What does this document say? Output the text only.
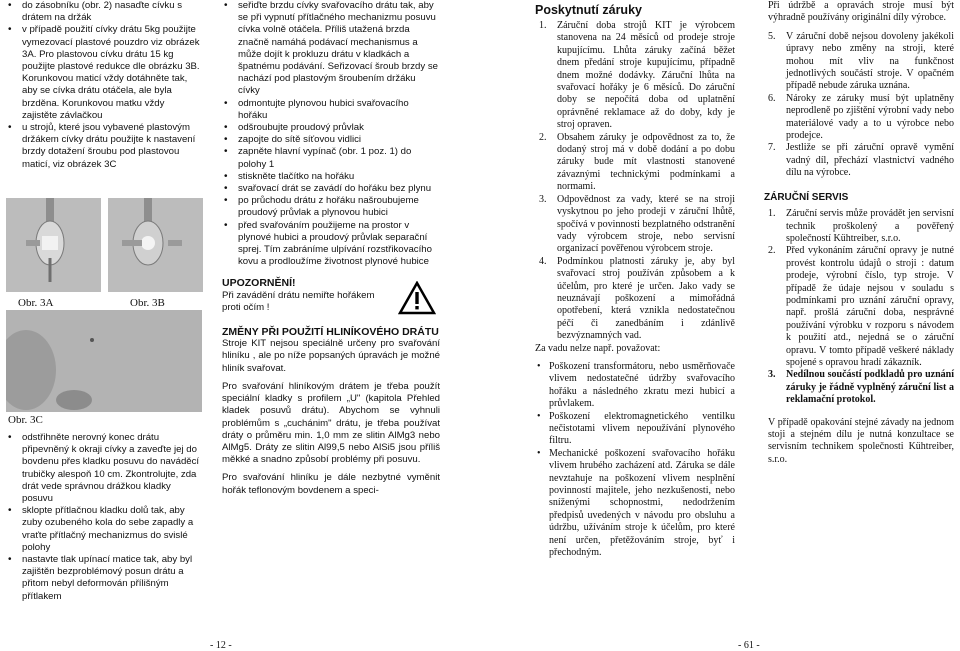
• do zásobníku (obr. 2) nasaďte cívku s drátem na držák
• v případě použití cívky drátu 5kg použijte vymezovací plastové pouzdro viz obrázek 3A. Pro plastovou cívku drátu 15 kg použijte plastové redukce dle obrázku 3B. Korunkovou maticí vždy dotáhněte tak, aby se cívka drátu otáčela, ale byla brzděna. Korunkovou matku vždy zajistěte závlačkou
• u strojů, které jsou vybavené plastovým držákem cívky drátu použijte k nastavení brzdy dotažení šroubu pod plastovou maticí, viz obrázek 3C
Obr. 3A	Obr. 3B
Obr. 3C
• odstřihněte nerovný konec drátu připevněný k okraji cívky a zaveďte jej do bovdenu přes kladku posuvu do naváděcí trubičky alespoň 10 cm. Zkontrolujte, zda drát vede správnou drážkou kladky posuvu
• sklopte přítlačnou kladku dolů tak, aby zuby ozubeného kola do sebe zapadly a vraťte přítlačný mechanizmus do svislé polohy
• nastavte tlak upínací matice tak, aby byl zajištěn bezproblémový posun drátu a přitom nebyl deformován přílišným přítlakem
• seřiďte brzdu cívky svařovacího drátu tak, aby se při vypnutí přítlačného mechanizmu posuvu cívka volně otáčela. Příliš utažená brzda značně namáhá podávací mechanismus a může dojít k prokluzu drátu v kladkách a špatnému podávání. Seřizovací šroub brzdy se nachází pod plastovým šroubením držáku cívky
• odmontujte plynovou hubici svařovacího hořáku
• odšroubujte proudový průvlak
• zapojte do sítě síťovou vidlici
• zapněte hlavní vypínač (obr. 1 poz. 1) do polohy 1
• stiskněte tlačítko na hořáku
• svařovací drát se zavádí do hořáku bez plynu
• po průchodu drátu z hořáku našroubujeme proudový průvlak a plynovou hubici
• před svařováním použijeme na prostor v plynové hubici a proudový průvlak separační sprej. Tím zabráníme ulpívání rozstřikovacího kovu a prodloužíme životnost plynové hubice

UPOZORNĚNÍ!

Při zavádění drátu nemiřte hořákem proti očím !

ZMĚNY PŘI POUŽITÍ HLINÍKOVÉHO DRÁTU

Stroje KIT nejsou speciálně určeny pro svařování hliníku , ale po níže popsaných úpravách je možné hliník svařovat.

Pro svařování hliníkovým drátem je třeba použít speciální kladky s profilem „U" (kapitola Přehled kladek posuvů drátu). Abychom se vyhnuli problémům s „cuchánim" drátu, je třeba používat dráty o průměru min. 1,0 mm ze slitin AlMg3 nebo AlMg5. Dráty ze slitin Al99,5 nebo AlSi5 jsou příliš měkké a snadno způsobí problémy při posuvu.

Pro svařování hliníku je dále nezbytné vyměnit hořák teflonovým bovdenem a speci-

- 12 -

Poskytnutí záruky

1. Záruční doba strojů KIT je výrobcem stanovena na 24 měsíců od prodeje stroje kupujícímu. Lhůta záruky začíná běžet dnem předání stroje kupujícímu, případně dnem možné dodávky. Záruční lhůta na svařovací hořáky je 6 měsíců. Do záruční doby se nepočítá doba od uplatnění oprávněné reklamace až do doby, kdy je stroj opraven.
2. Obsahem záruky je odpovědnost za to, že dodaný stroj má v době dodání a po dobu záruky bude mít vlastnosti stanovené závaznými technickými podmínkami a normami.
3. Odpovědnost za vady, které se na stroji vyskytnou po jeho prodeji v záruční lhůtě, spočívá v povinnosti bezplatného odstranění vady výrobcem stroje, nebo servisní organizací pověřenou výrobcem stroje.
4. Podmínkou platnosti záruky je, aby byl svařovací stroj používán způsobem a k účelům, pro které je určen. Jako vady se neuznávají poškození a mimořádná opotřebení, která vznikla nedostatečnou péčí či zanedbáním i zdánlivě bezvýznamných vad.

Za vadu nelze např. považovat:

• Poškození transformátoru, nebo usměrňovače vlivem nedostatečné údržby svařovacího hořáku a následného zkratu mezi hubicí a průvlakem.
• Poškození elektromagnetického ventilku nečistotami vlivem nepoužívání plynového filtru.
• Mechanické poškození svařovacího hořáku vlivem hrubého zacházení atd. Záruka se dále nevztahuje na poškození vlivem nesplnění povinností majitele, jeho nezkušenosti, nebo sníženými schopnostmi, nedodržením předpisů uvedených v návodu pro obsluhu a údržbu, užíváním stroje k účelům, pro které není určen, přetěžováním stroje, byť i přechodným.

Při údržbě a opravách stroje musí být výhradně používány originální díly výrobce.

5. V záruční době nejsou dovoleny jakékoli úpravy nebo změny na stroji, které mohou mít vliv na funkčnost jednotlivých součástí stroje. V opačném případě nebude záruka uznána.
6. Nároky ze záruky musí být uplatněny neprodleně po zjištění výrobní vady nebo materiálové vady a to u výrobce nebo prodejce.
7. Jestliže se při záruční opravě vymění vadný díl, přechází vlastnictví vadného dílu na výrobce.

ZÁRUČNÍ SERVIS

1. Záruční servis může provádět jen servisní technik proškolený a pověřený společností Kühtreiber, s.r.o.
2. Před vykonáním záruční opravy je nutné provést kontrolu údajů o stroji : datum prodeje, výrobní číslo, typ stroje. V případě že údaje nejsou v souladu s podmínkami pro uznání záruční opravy, např. prošlá záruční doba, nesprávné používání výrobku v rozporu s návodem k použití atd., nejedná se o záruční opravu. V tomto případě veškeré náklady spojené s opravou hradí zákazník.
3. Nedílnou součástí podkladů pro uznání záruky je řádně vyplněný záruční list a reklamační protokol.

V případě opakování stejné závady na jednom stoji a stejném dílu je nutná konzultace se servisním technikem společnosti Kühtreiber, s.r.o.

- 61 -
